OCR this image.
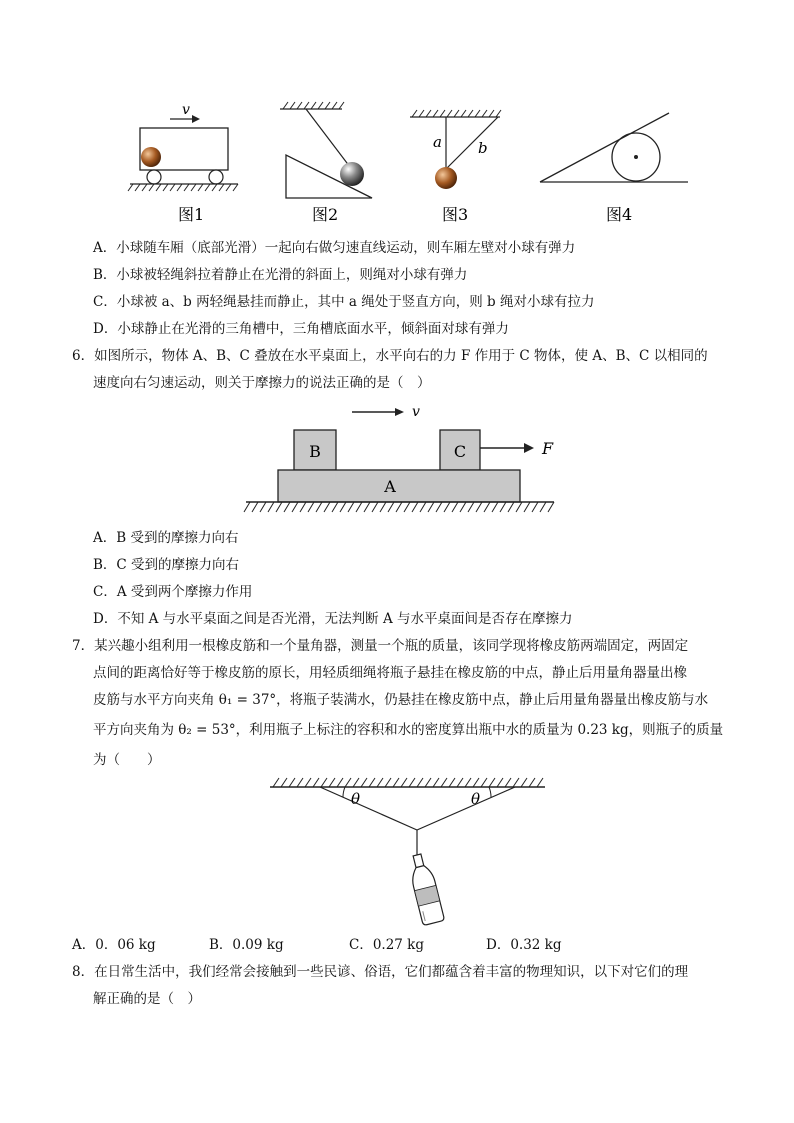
v
a b
图1	图2	图3	图4
A．小球随车厢（底部光滑）一起向右做匀速直线运动，则车厢左壁对小球有弹力
B．小球被轻绳斜拉着静止在光滑的斜面上，则绳对小球有弹力
C．小球被 a、b 两轻绳悬挂而静止，其中 a 绳处于竖直方向，则 b 绳对小球有拉力
D．小球静止在光滑的三角槽中，三角槽底面水平，倾斜面对球有弹力
6．如图所示，物体 A、B、C 叠放在水平桌面上，水平向右的力 F 作用于 C 物体，使 A、B、C 以相同的
速度向右匀速运动，则关于摩擦力的说法正确的是（　）
v
B	C	F
A
A．B 受到的摩擦力向右
B．C 受到的摩擦力向右
C．A 受到两个摩擦力作用
D．不知 A 与水平桌面之间是否光滑，无法判断 A 与水平桌面间是否存在摩擦力
7．某兴趣小组利用一根橡皮筋和一个量角器，测量一个瓶的质量，该同学现将橡皮筋两端固定，两固定
点间的距离恰好等于橡皮筋的原长，用轻质细绳将瓶子悬挂在橡皮筋的中点，静止后用量角器量出橡
皮筋与水平方向夹角 θ₁ = 37°，将瓶子装满水，仍悬挂在橡皮筋中点，静止后用量角器量出橡皮筋与水
平方向夹角为 θ₂ = 53°，利用瓶子上标注的容积和水的密度算出瓶中水的质量为 0.23 kg，则瓶子的质量
为（　　）
θ	θ
A．0．06 kg	B．0.09 kg	C．0.27 kg	D．0.32 kg
8．在日常生活中，我们经常会接触到一些民谚、俗语，它们都蕴含着丰富的物理知识，以下对它们的理
解正确的是（　）
